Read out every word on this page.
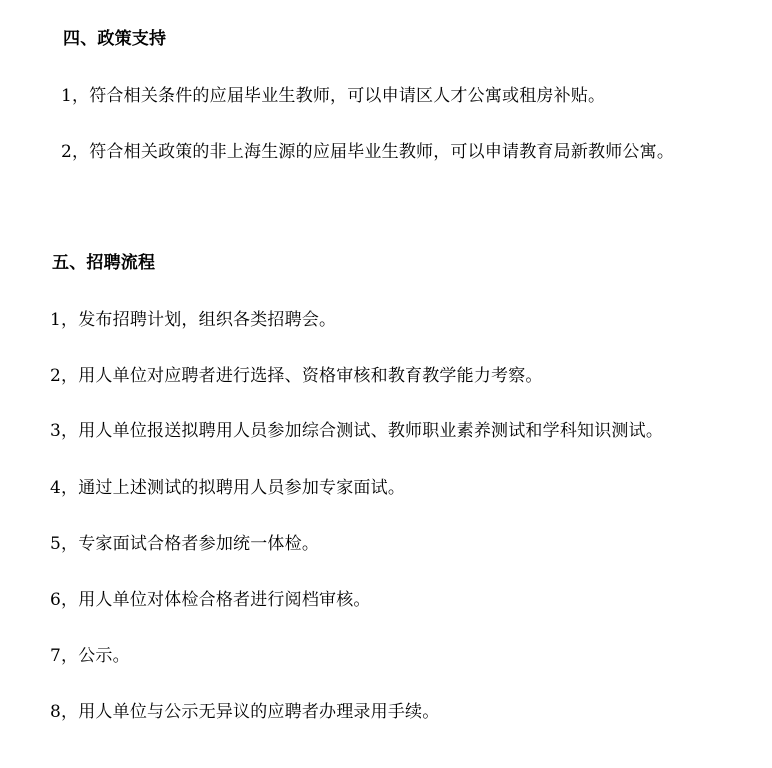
四、政策支持
1，符合相关条件的应届毕业生教师，可以申请区人才公寓或租房补贴。
2，符合相关政策的非上海生源的应届毕业生教师，可以申请教育局新教师公寓。
五、招聘流程
1，发布招聘计划，组织各类招聘会。
2，用人单位对应聘者进行选择、资格审核和教育教学能力考察。
3，用人单位报送拟聘用人员参加综合测试、教师职业素养测试和学科知识测试。
4，通过上述测试的拟聘用人员参加专家面试。
5，专家面试合格者参加统一体检。
6，用人单位对体检合格者进行阅档审核。
7，公示。
8，用人单位与公示无异议的应聘者办理录用手续。
